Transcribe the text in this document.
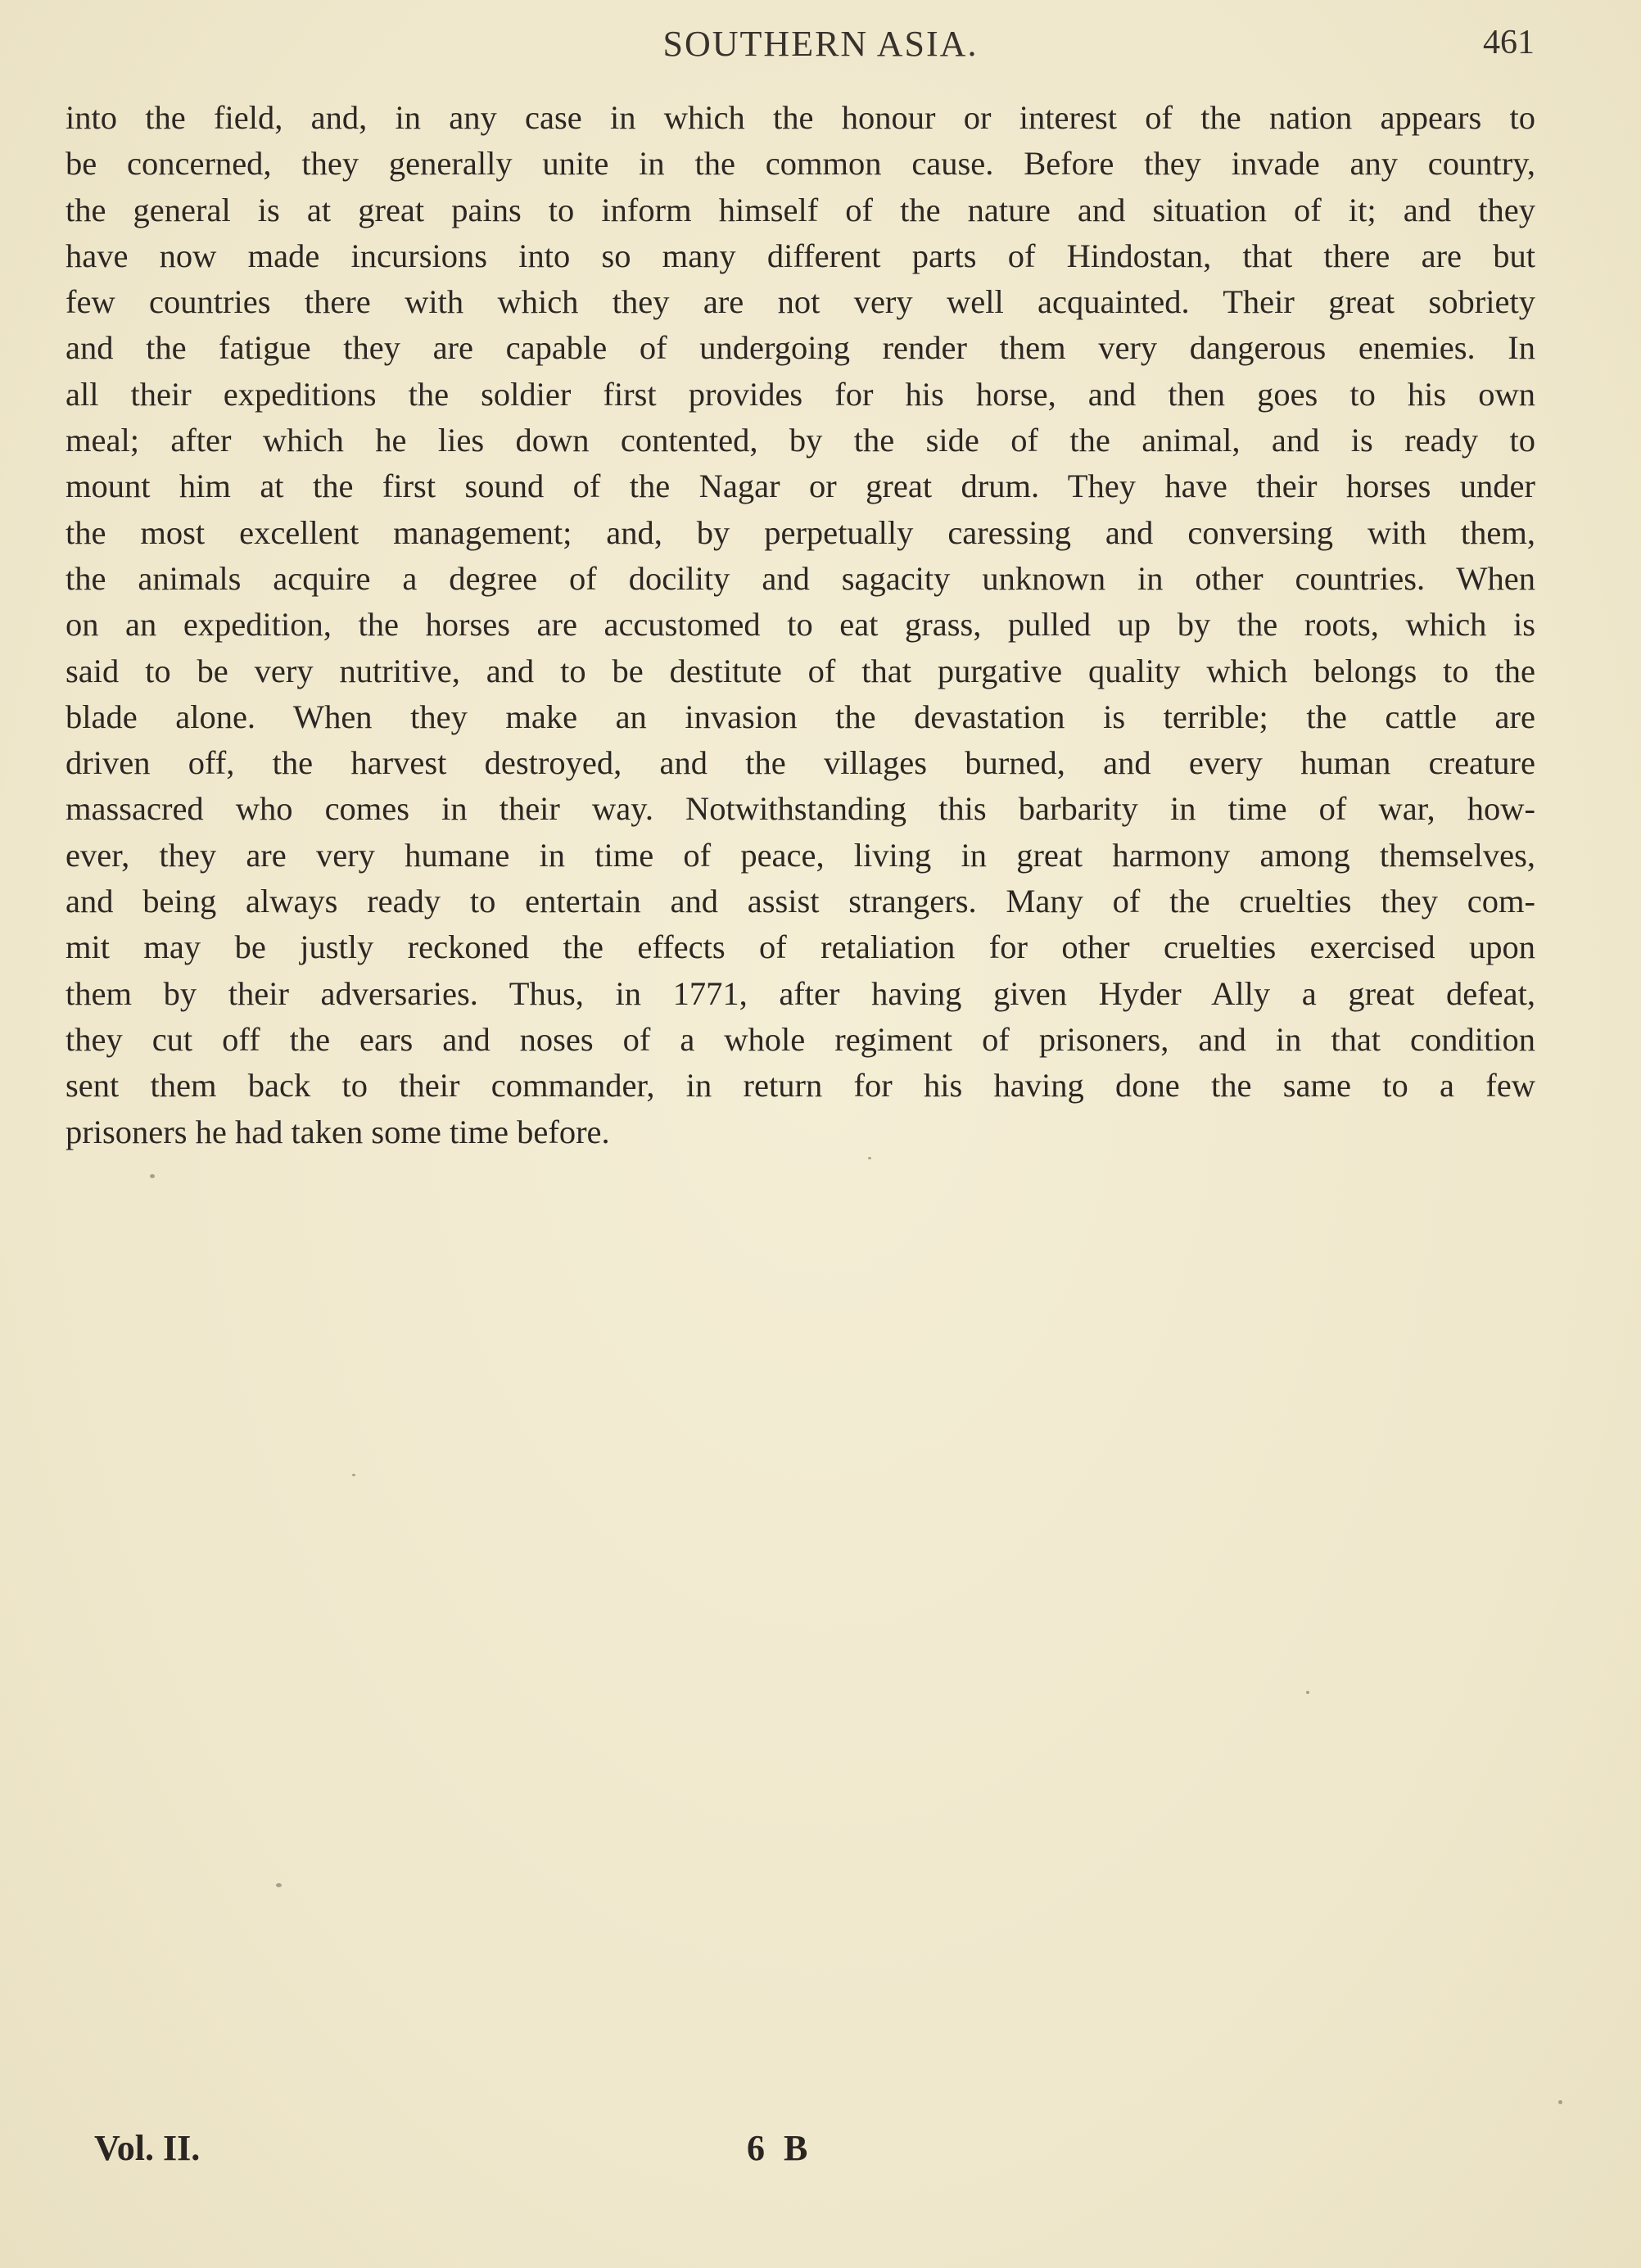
SOUTHERN ASIA.	461
into the field, and, in any case in which the honour or interest of the nation appears to
be concerned, they generally unite in the common cause. Before they invade any country,
the general is at great pains to inform himself of the nature and situation of it; and they
have now made incursions into so many different parts of Hindostan, that there are but
few countries there with which they are not very well acquainted. Their great sobriety
and the fatigue they are capable of undergoing render them very dangerous enemies. In
all their expeditions the soldier first provides for his horse, and then goes to his own
meal; after which he lies down contented, by the side of the animal, and is ready to
mount him at the first sound of the Nagar or great drum. They have their horses under
the most excellent management; and, by perpetually caressing and conversing with them,
the animals acquire a degree of docility and sagacity unknown in other countries. When
on an expedition, the horses are accustomed to eat grass, pulled up by the roots, which is
said to be very nutritive, and to be destitute of that purgative quality which belongs to the
blade alone. When they make an invasion the devastation is terrible; the cattle are
driven off, the harvest destroyed, and the villages burned, and every human creature
massacred who comes in their way. Notwithstanding this barbarity in time of war, how-
ever, they are very humane in time of peace, living in great harmony among themselves,
and being always ready to entertain and assist strangers. Many of the cruelties they com-
mit may be justly reckoned the effects of retaliation for other cruelties exercised upon
them by their adversaries. Thus, in 1771, after having given Hyder Ally a great defeat,
they cut off the ears and noses of a whole regiment of prisoners, and in that condition
sent them back to their commander, in return for his having done the same to a few
prisoners he had taken some time before.
Vol. II.	6 B
